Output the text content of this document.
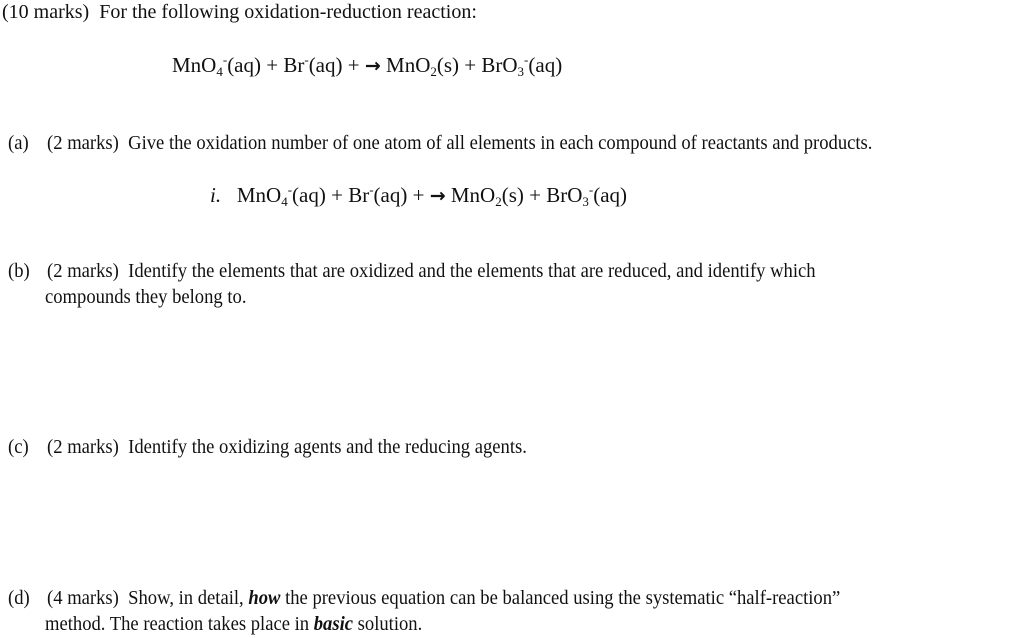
(10 marks) For the following oxidation-reduction reaction:
MnO$_4$-(aq) + Br-(aq) + → MnO$_2$(s) + BrO$_3$-(aq)
(a) (2 marks) Give the oxidation number of one atom of all elements in each compound of reactants and products.
i. MnO$_4$-(aq) + Br-(aq) + → MnO$_2$(s) + BrO$_3$-(aq)
(b) (2 marks) Identify the elements that are oxidized and the elements that are reduced, and identify which
compounds they belong to.
(c) (2 marks) Identify the oxidizing agents and the reducing agents.
(d) (4 marks) Show, in detail, how the previous equation can be balanced using the systematic “half-reaction”
method. The reaction takes place in basic solution.
